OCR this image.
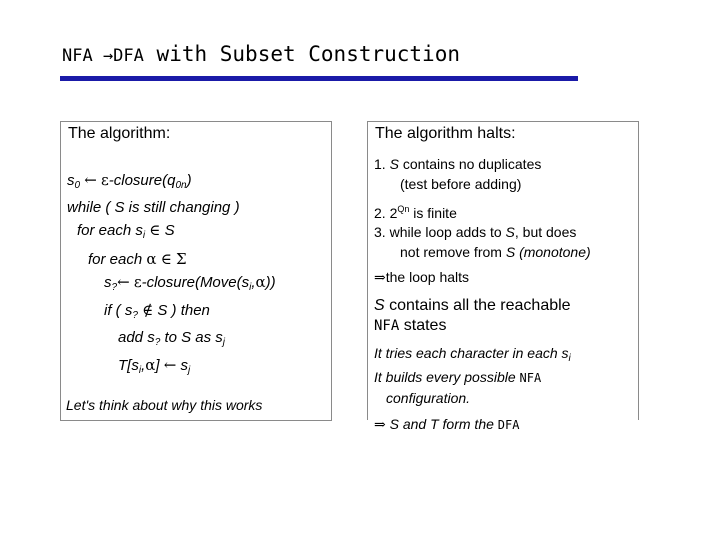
NFA →DFA with Subset Construction
The algorithm:
$s_0$ ← $\varepsilon-closure(q_{0n})$
while ( S is still changing )
for each $s_i$ ∈ S
for each α ∈ Σ
$s_?\leftarrow$ $\varepsilon-closure(Move(s_i,\alpha))$
if ( $s_?$ ∉ S ) then
add $s_?$ to S as $s_j$
$T[s_i,\alpha]$ ← $s_j$
Let's think about why this works
The algorithm halts:
1. S contains no duplicates
(test before adding)
2. $2^{Qn}$ is finite
3. while loop adds to S, but does
not remove from S (monotone)
⇒the loop halts
S contains all the reachable
NFA states
It tries each character in each $s_i$
It builds every possible NFA
configuration.
⇒ S and T form the DFA
